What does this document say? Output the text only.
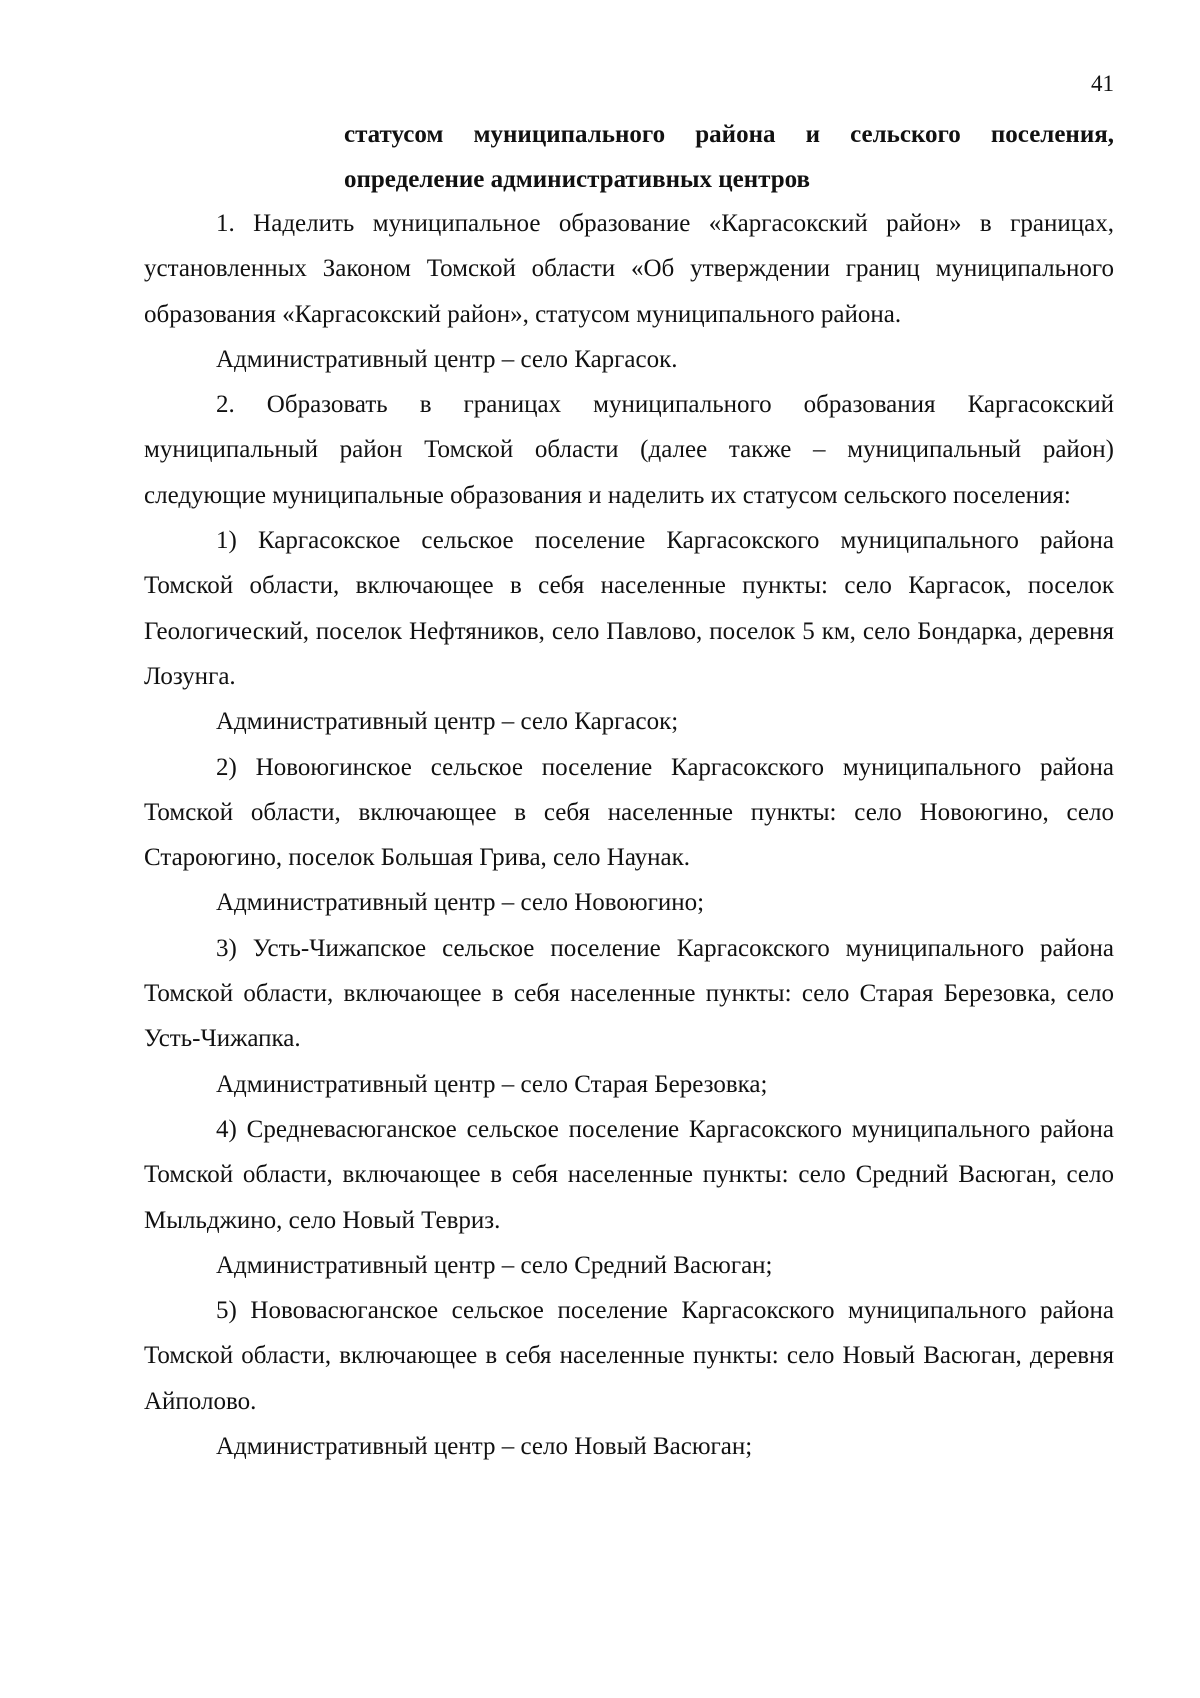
41
статусом муниципального района и сельского поселения,
определение административных центров

1. Наделить муниципальное образование «Каргасокский район» в границах, установленных Законом Томской области «Об утверждении границ муниципального образования «Каргасокский район», статусом муниципального района.

Административный центр – село Каргасок.

2. Образовать в границах муниципального образования Каргасокский муниципальный район Томской области (далее также – муниципальный район) следующие муниципальные образования и наделить их статусом сельского поселения:

1) Каргасокское сельское поселение Каргасокского муниципального района Томской области, включающее в себя населенные пункты: село Каргасок, поселок Геологический, поселок Нефтяников, село Павлово, поселок 5 км, село Бондарка, деревня Лозунга.

Административный центр – село Каргасок;

2) Новоюгинское сельское поселение Каргасокского муниципального района Томской области, включающее в себя населенные пункты: село Новоюгино, село Староюгино, поселок Большая Грива, село Наунак.

Административный центр – село Новоюгино;

3) Усть-Чижапское сельское поселение Каргасокского муниципального района Томской области, включающее в себя населенные пункты: село Старая Березовка, село Усть-Чижапка.

Административный центр – село Старая Березовка;

4) Средневасюганское сельское поселение Каргасокского муниципального района Томской области, включающее в себя населенные пункты: село Средний Васюган, село Мыльджино, село Новый Тевриз.

Административный центр – село Средний Васюган;

5) Нововасюганское сельское поселение Каргасокского муниципального района Томской области, включающее в себя населенные пункты: село Новый Васюган, деревня Айполово.

Административный центр – село Новый Васюган;
